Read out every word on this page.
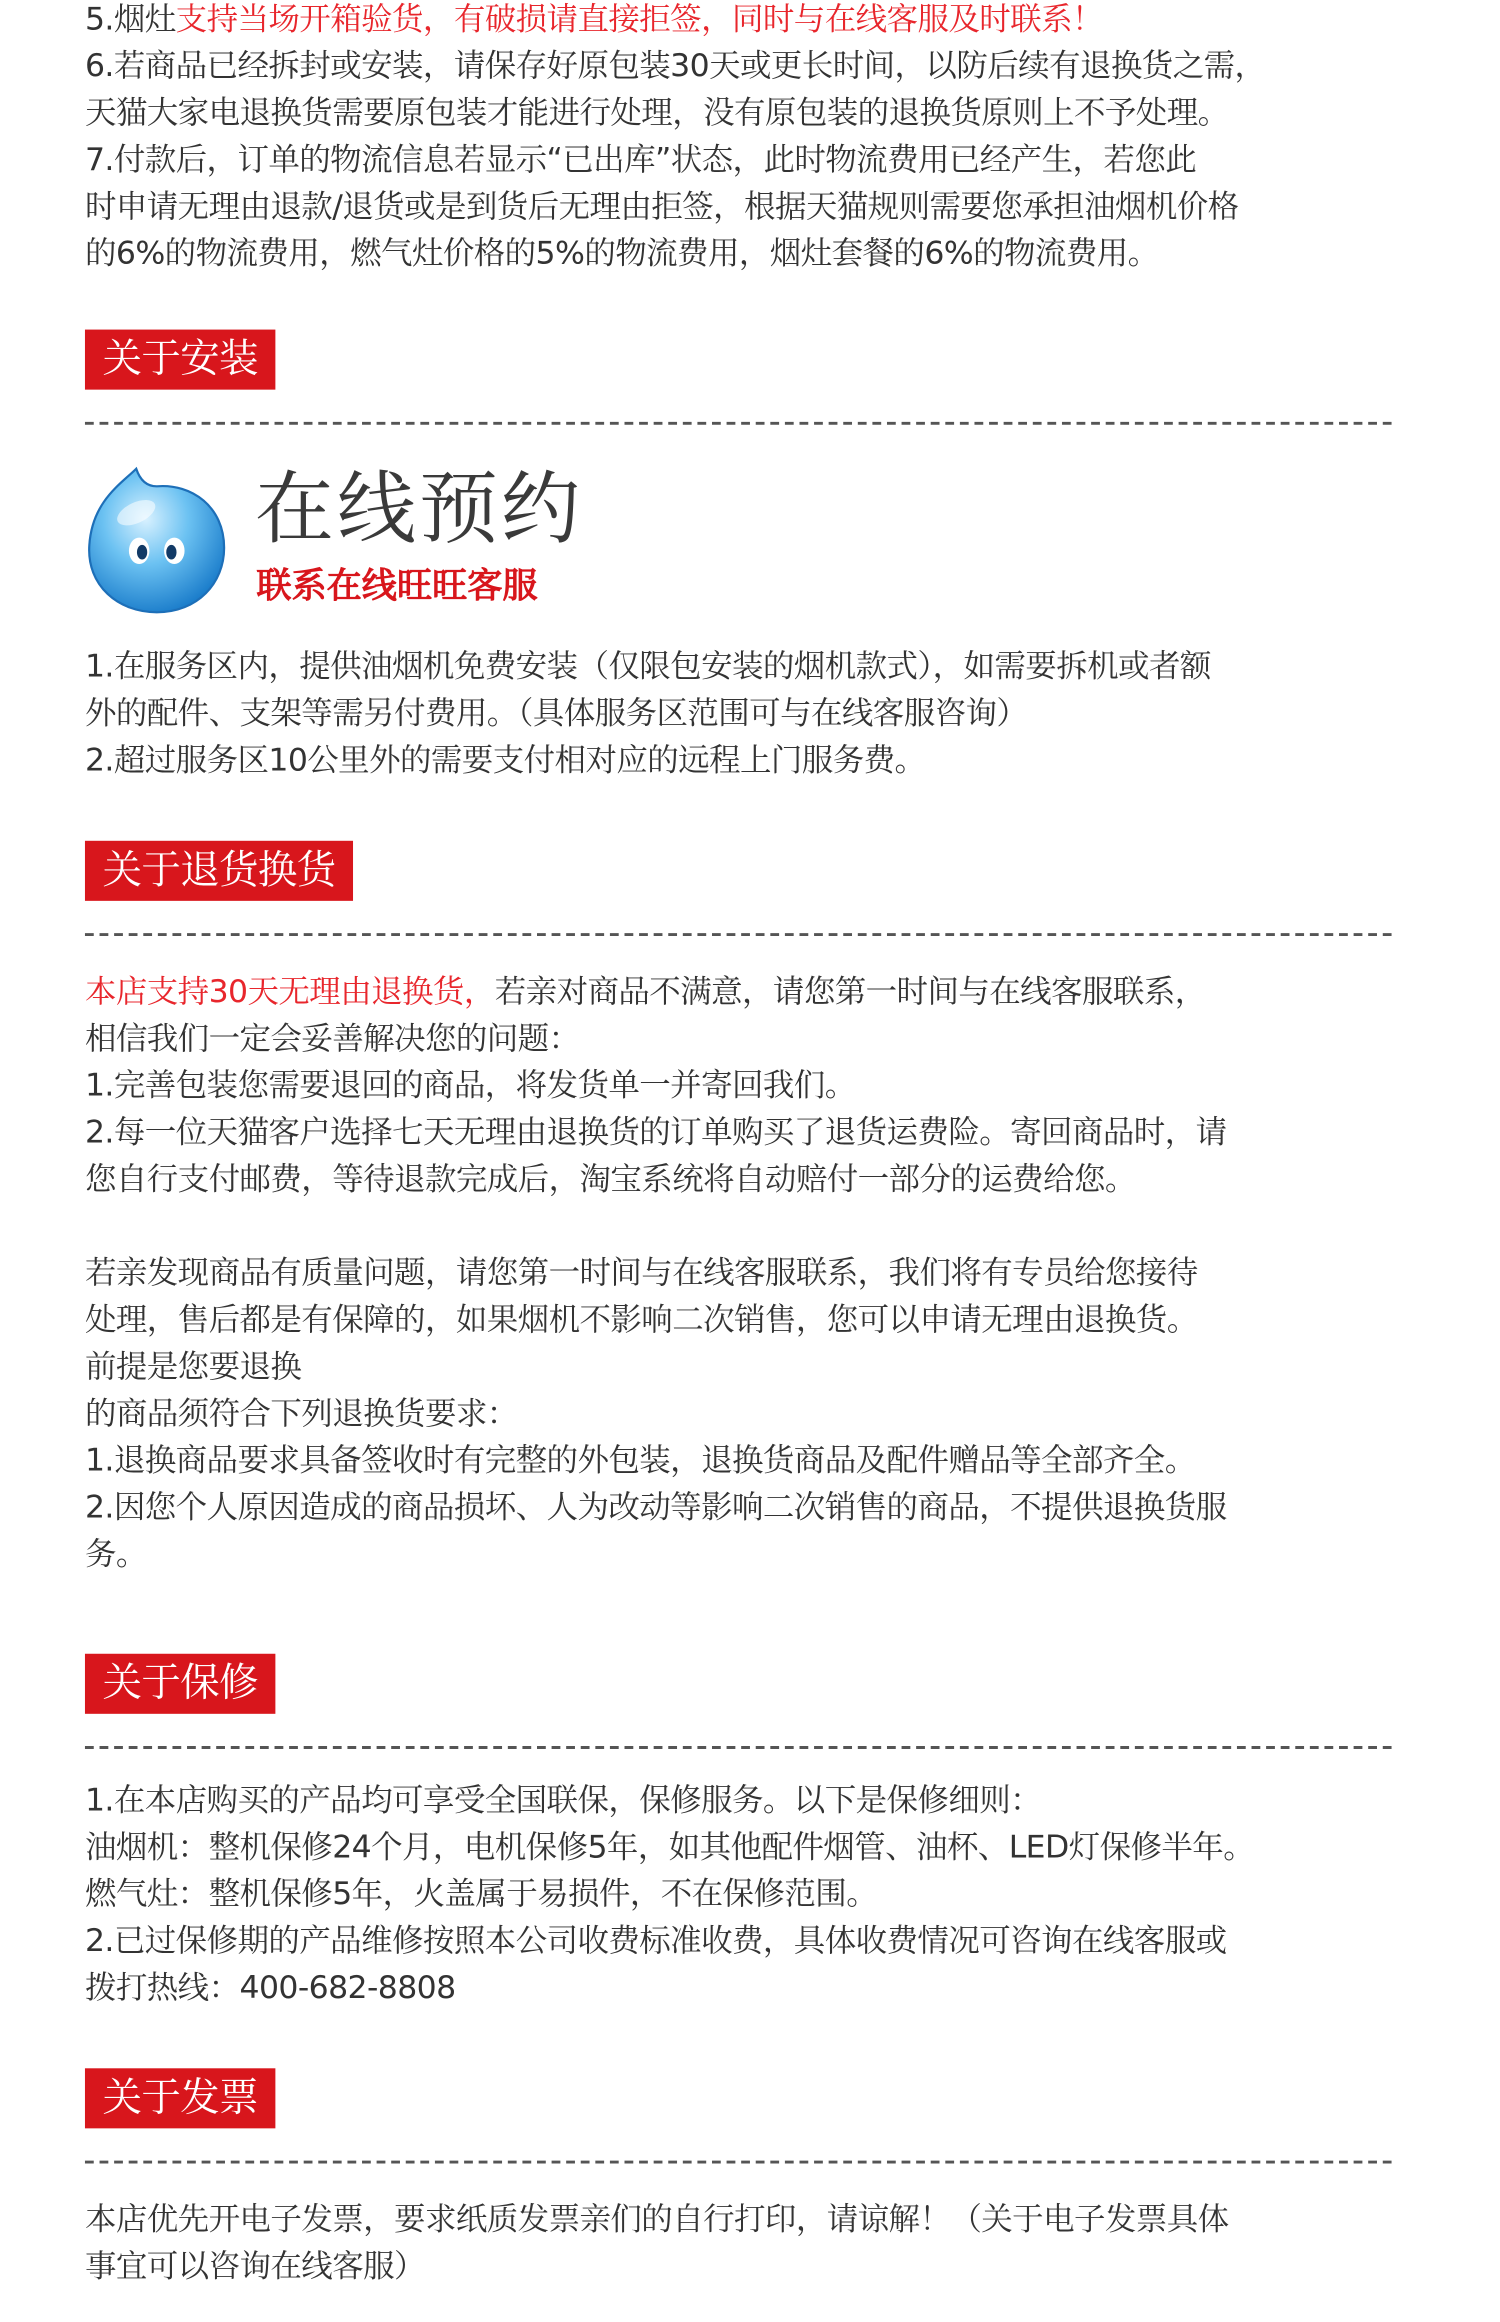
5.烟灶支持当场开箱验货，有破损请直接拒签，同时与在线客服及时联系！
6.若商品已经拆封或安装，请保存好原包装30天或更长时间，以防后续有退换货之需，
天猫大家电退换货需要原包装才能进行处理，没有原包装的退换货原则上不予处理。
7.付款后，订单的物流信息若显示“已出库”状态，此时物流费用已经产生，若您此
时申请无理由退款/退货或是到货后无理由拒签，根据天猫规则需要您承担油烟机价格
的6%的物流费用，燃气灶价格的5%的物流费用，烟灶套餐的6%的物流费用。
关于安装
在线预约
联系在线旺旺客服
1.在服务区内，提供油烟机免费安装（仅限包安装的烟机款式），如需要拆机或者额
外的配件、支架等需另付费用。（具体服务区范围可与在线客服咨询）
2.超过服务区10公里外的需要支付相对应的远程上门服务费。
关于退货换货
本店支持30天无理由退换货，若亲对商品不满意，请您第一时间与在线客服联系，
相信我们一定会妥善解决您的问题：
1.完善包装您需要退回的商品，将发货单一并寄回我们。
2.每一位天猫客户选择七天无理由退换货的订单购买了退货运费险。寄回商品时，请
您自行支付邮费，等待退款完成后，淘宝系统将自动赔付一部分的运费给您。
若亲发现商品有质量问题，请您第一时间与在线客服联系，我们将有专员给您接待
处理，售后都是有保障的，如果烟机不影响二次销售，您可以申请无理由退换货。
前提是您要退换
的商品须符合下列退换货要求：
1.退换商品要求具备签收时有完整的外包装，退换货商品及配件赠品等全部齐全。
2.因您个人原因造成的商品损坏、人为改动等影响二次销售的商品，不提供退换货服
务。
关于保修
1.在本店购买的产品均可享受全国联保，保修服务。以下是保修细则：
油烟机：整机保修24个月，电机保修5年，如其他配件烟管、油杯、LED灯保修半年。
燃气灶：整机保修5年，火盖属于易损件，不在保修范围。
2.已过保修期的产品维修按照本公司收费标准收费，具体收费情况可咨询在线客服或
拨打热线：400-682-8808
关于发票
本店优先开电子发票，要求纸质发票亲们的自行打印，请谅解！（关于电子发票具体
事宜可以咨询在线客服）
